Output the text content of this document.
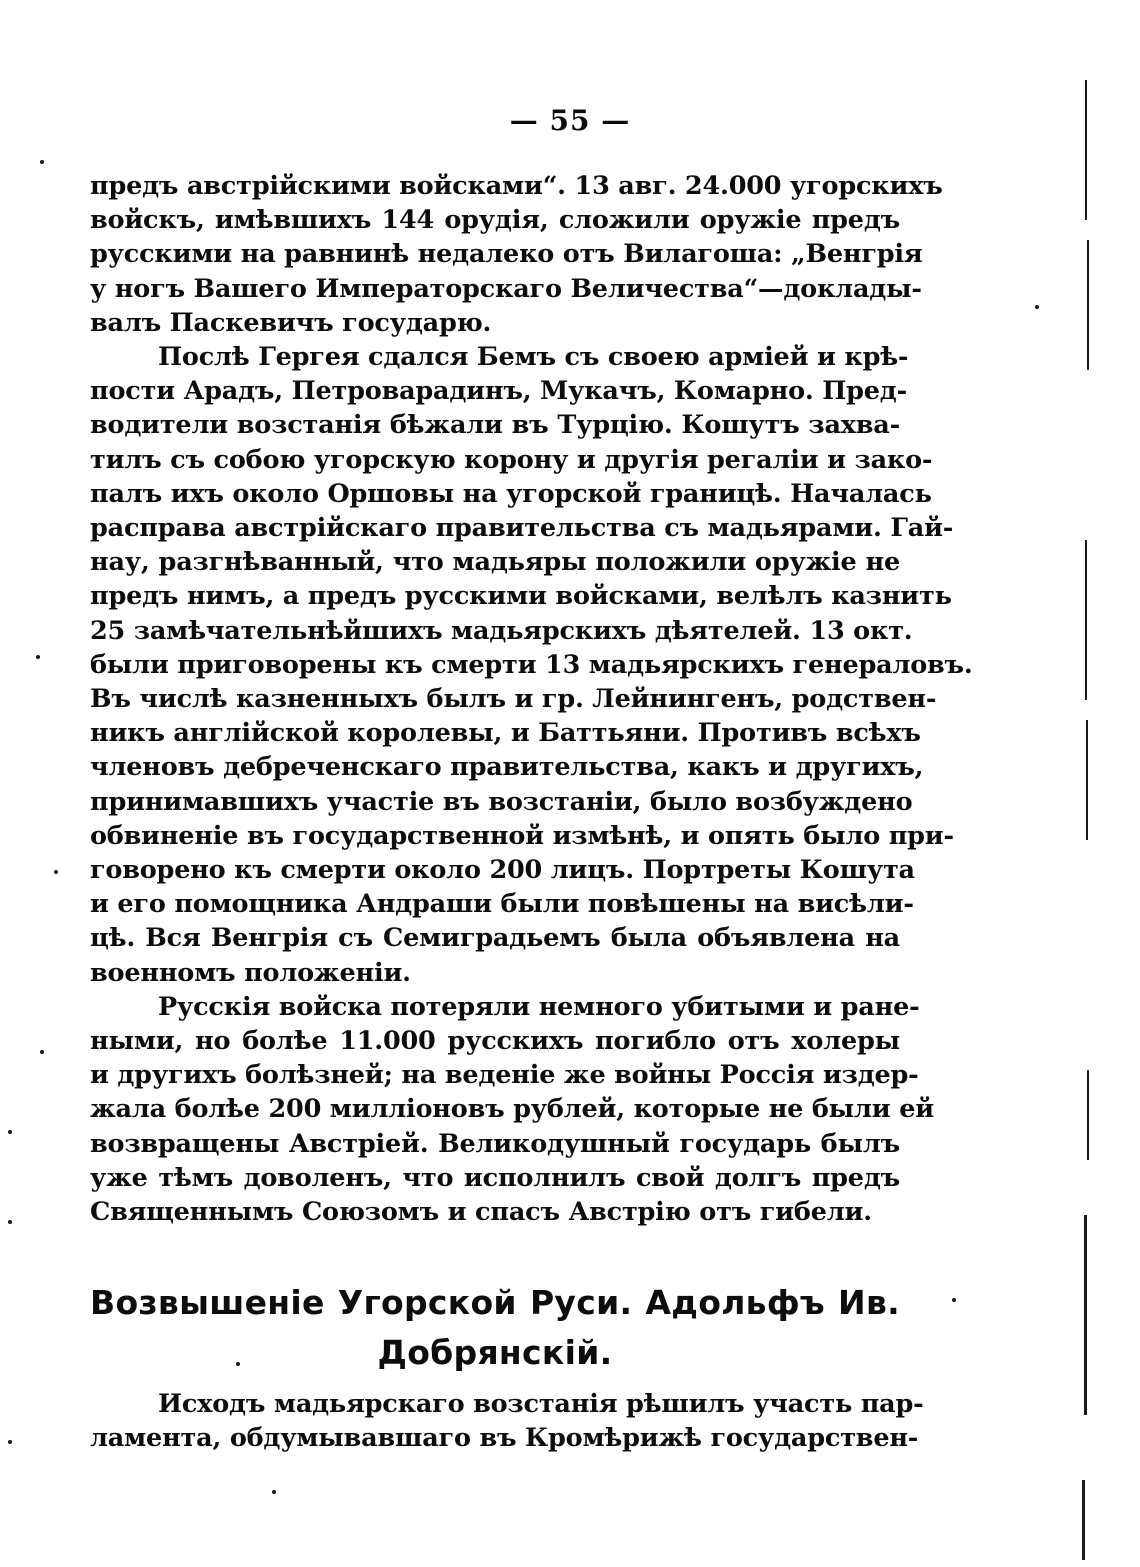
— 55 —
предъ австрійскими войсками“. 13 авг. 24.000 угорскихъ
войскъ, имѣвшихъ 144 орудія, сложили оружіе предъ
русскими на равнинѣ недалеко отъ Вилагоша: „Венгрія
у ногъ Вашего Императорскаго Величества“—доклады-
валъ Паскевичъ государю.
Послѣ Гергея сдался Бемъ съ своею арміей и крѣ-
пости Арадъ, Петроварадинъ, Мукачъ, Комарно. Пред-
водители возстанія бѣжали въ Турцію. Кошутъ захва-
тилъ съ собою угорскую корону и другія регаліи и зако-
палъ ихъ около Оршовы на угорской границѣ. Началась
расправа австрійскаго правительства съ мадьярами. Гай-
нау, разгнѣванный, что мадьяры положили оружіе не
предъ нимъ, а предъ русскими войсками, велѣлъ казнить
25 замѣчательнѣйшихъ мадьярскихъ дѣятелей. 13 окт.
были приговорены къ смерти 13 мадьярскихъ генераловъ.
Въ числѣ казненныхъ былъ и гр. Лейнингенъ, родствен-
никъ англійской королевы, и Баттьяни. Противъ всѣхъ
членовъ дебреченскаго правительства, какъ и другихъ,
принимавшихъ участіе въ возстаніи, было возбуждено
обвиненіе въ государственной измѣнѣ, и опять было при-
говорено къ смерти около 200 лицъ. Портреты Кошута
и его помощника Андраши были повѣшены на висѣли-
цѣ. Вся Венгрія съ Семиградьемъ была объявлена на
военномъ положеніи.
Русскія войска потеряли немного убитыми и ране-
ными, но болѣе 11.000 русскихъ погибло отъ холеры
и другихъ болѣзней; на веденіе же войны Россія издер-
жала болѣе 200 милліоновъ рублей, которые не были ей
возвращены Австріей. Великодушный государь былъ
уже тѣмъ доволенъ, что исполнилъ свой долгъ предъ
Священнымъ Союзомъ и спасъ Австрію отъ гибели.
Возвышеніе Угорской Руси. Адольфъ Ив.
Добрянскій.
Исходъ мадьярскаго возстанія рѣшилъ участь пар-
ламента, обдумывавшаго въ Кромѣрижѣ государствен-
